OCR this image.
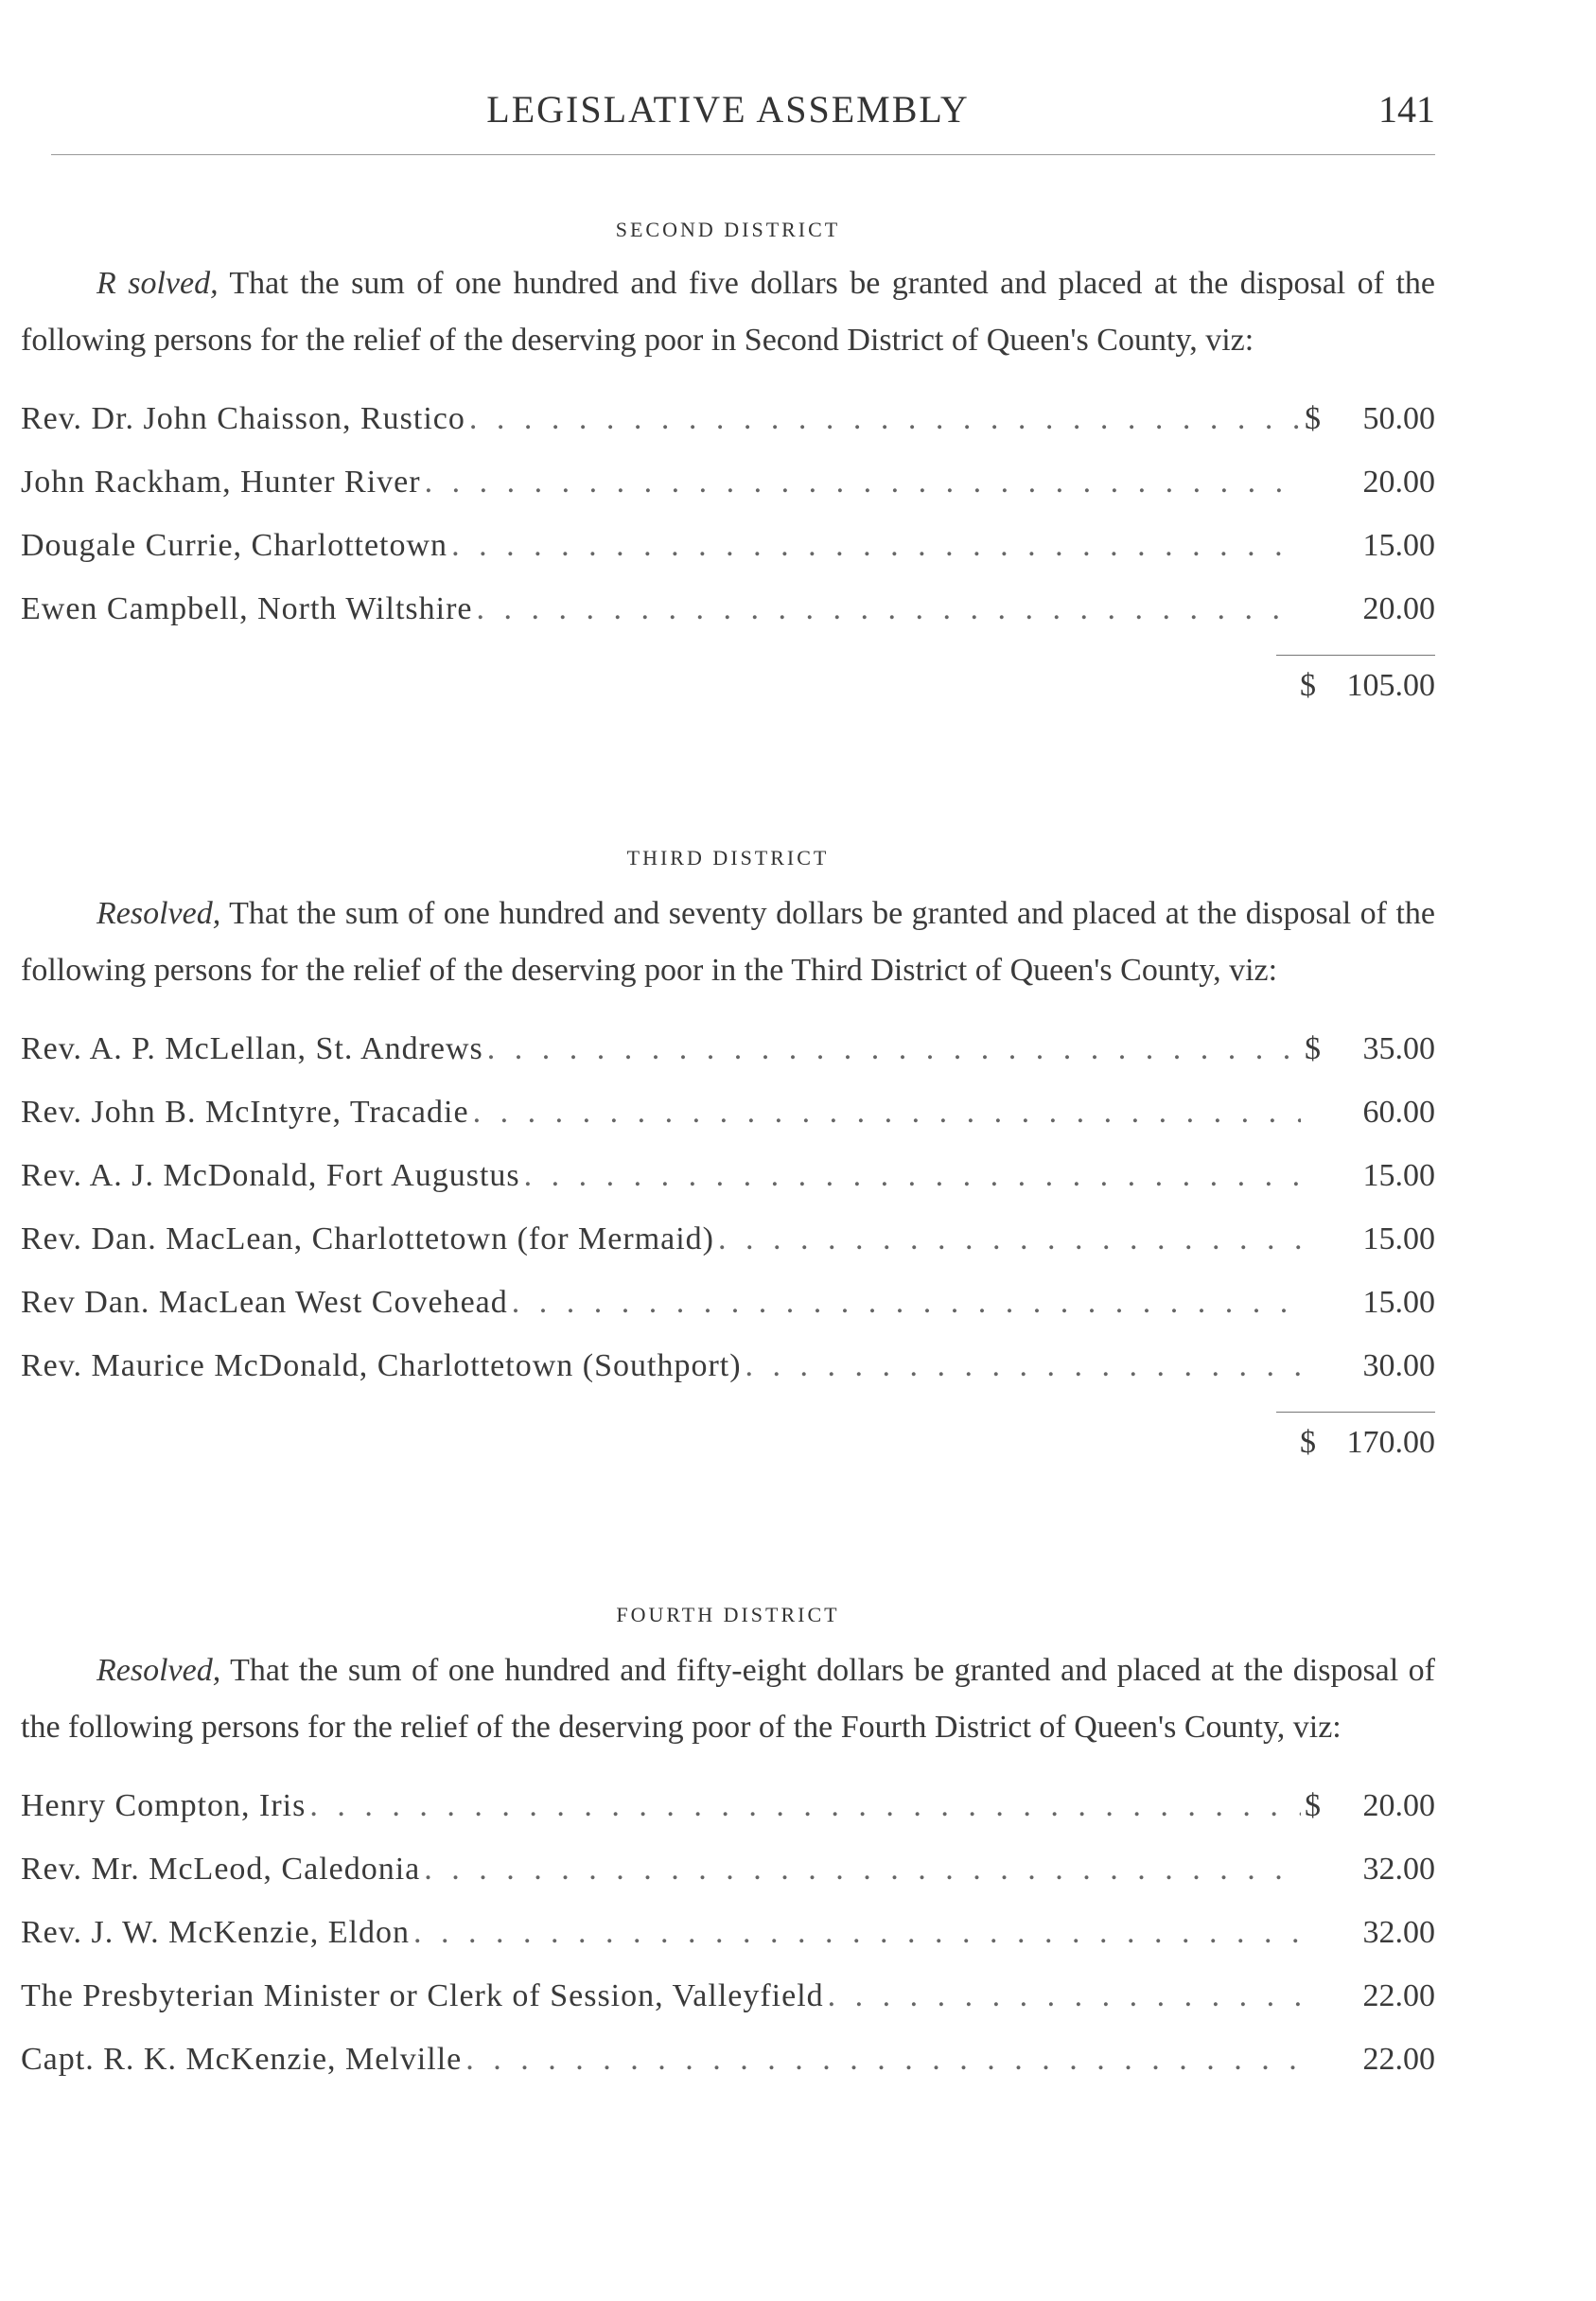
LEGISLATIVE ASSEMBLY	141
SECOND DISTRICT

R solved, That the sum of one hundred and five dollars be granted and placed at the disposal of the following persons for the relief of the deserving poor in Second District of Queen's County, viz:

Rev. Dr. John Chaisson, Rustico . . .	$	50.00
John Rackham, Hunter River . . .	20.00
Dougale Currie, Charlottetown . . .	15.00
Ewen Campbell, North Wiltshire . . .	20.00
$ 105.00
THIRD DISTRICT

Resolved, That the sum of one hundred and seventy dollars be granted and placed at the disposal of the following persons for the relief of the deserving poor in the Third District of Queen's County, viz:

Rev. A. P. McLellan, St. Andrews . . .	$	35.00
Rev. John B. McIntyre, Tracadie . . .	60.00
Rev. A. J. McDonald, Fort Augustus . . .	15.00
Rev. Dan. MacLean, Charlottetown (for Mermaid) . . .	15.00
Rev Dan. MacLean West Covehead . . .	15.00
Rev. Maurice McDonald, Charlottetown (Southport) . . .	30.00
$ 170.00
FOURTH DISTRICT

Resolved, That the sum of one hundred and fifty-eight dollars be granted and placed at the disposal of the following persons for the relief of the deserving poor of the Fourth District of Queen's County, viz:

Henry Compton, Iris . . .	$	20.00
Rev. Mr. McLeod, Caledonia . . .	32.00
Rev. J. W. McKenzie, Eldon . . .	32.00
The Presbyterian Minister or Clerk of Session, Valleyfield . . .	22.00
Capt. R. K. McKenzie, Melville . . .	22.00
